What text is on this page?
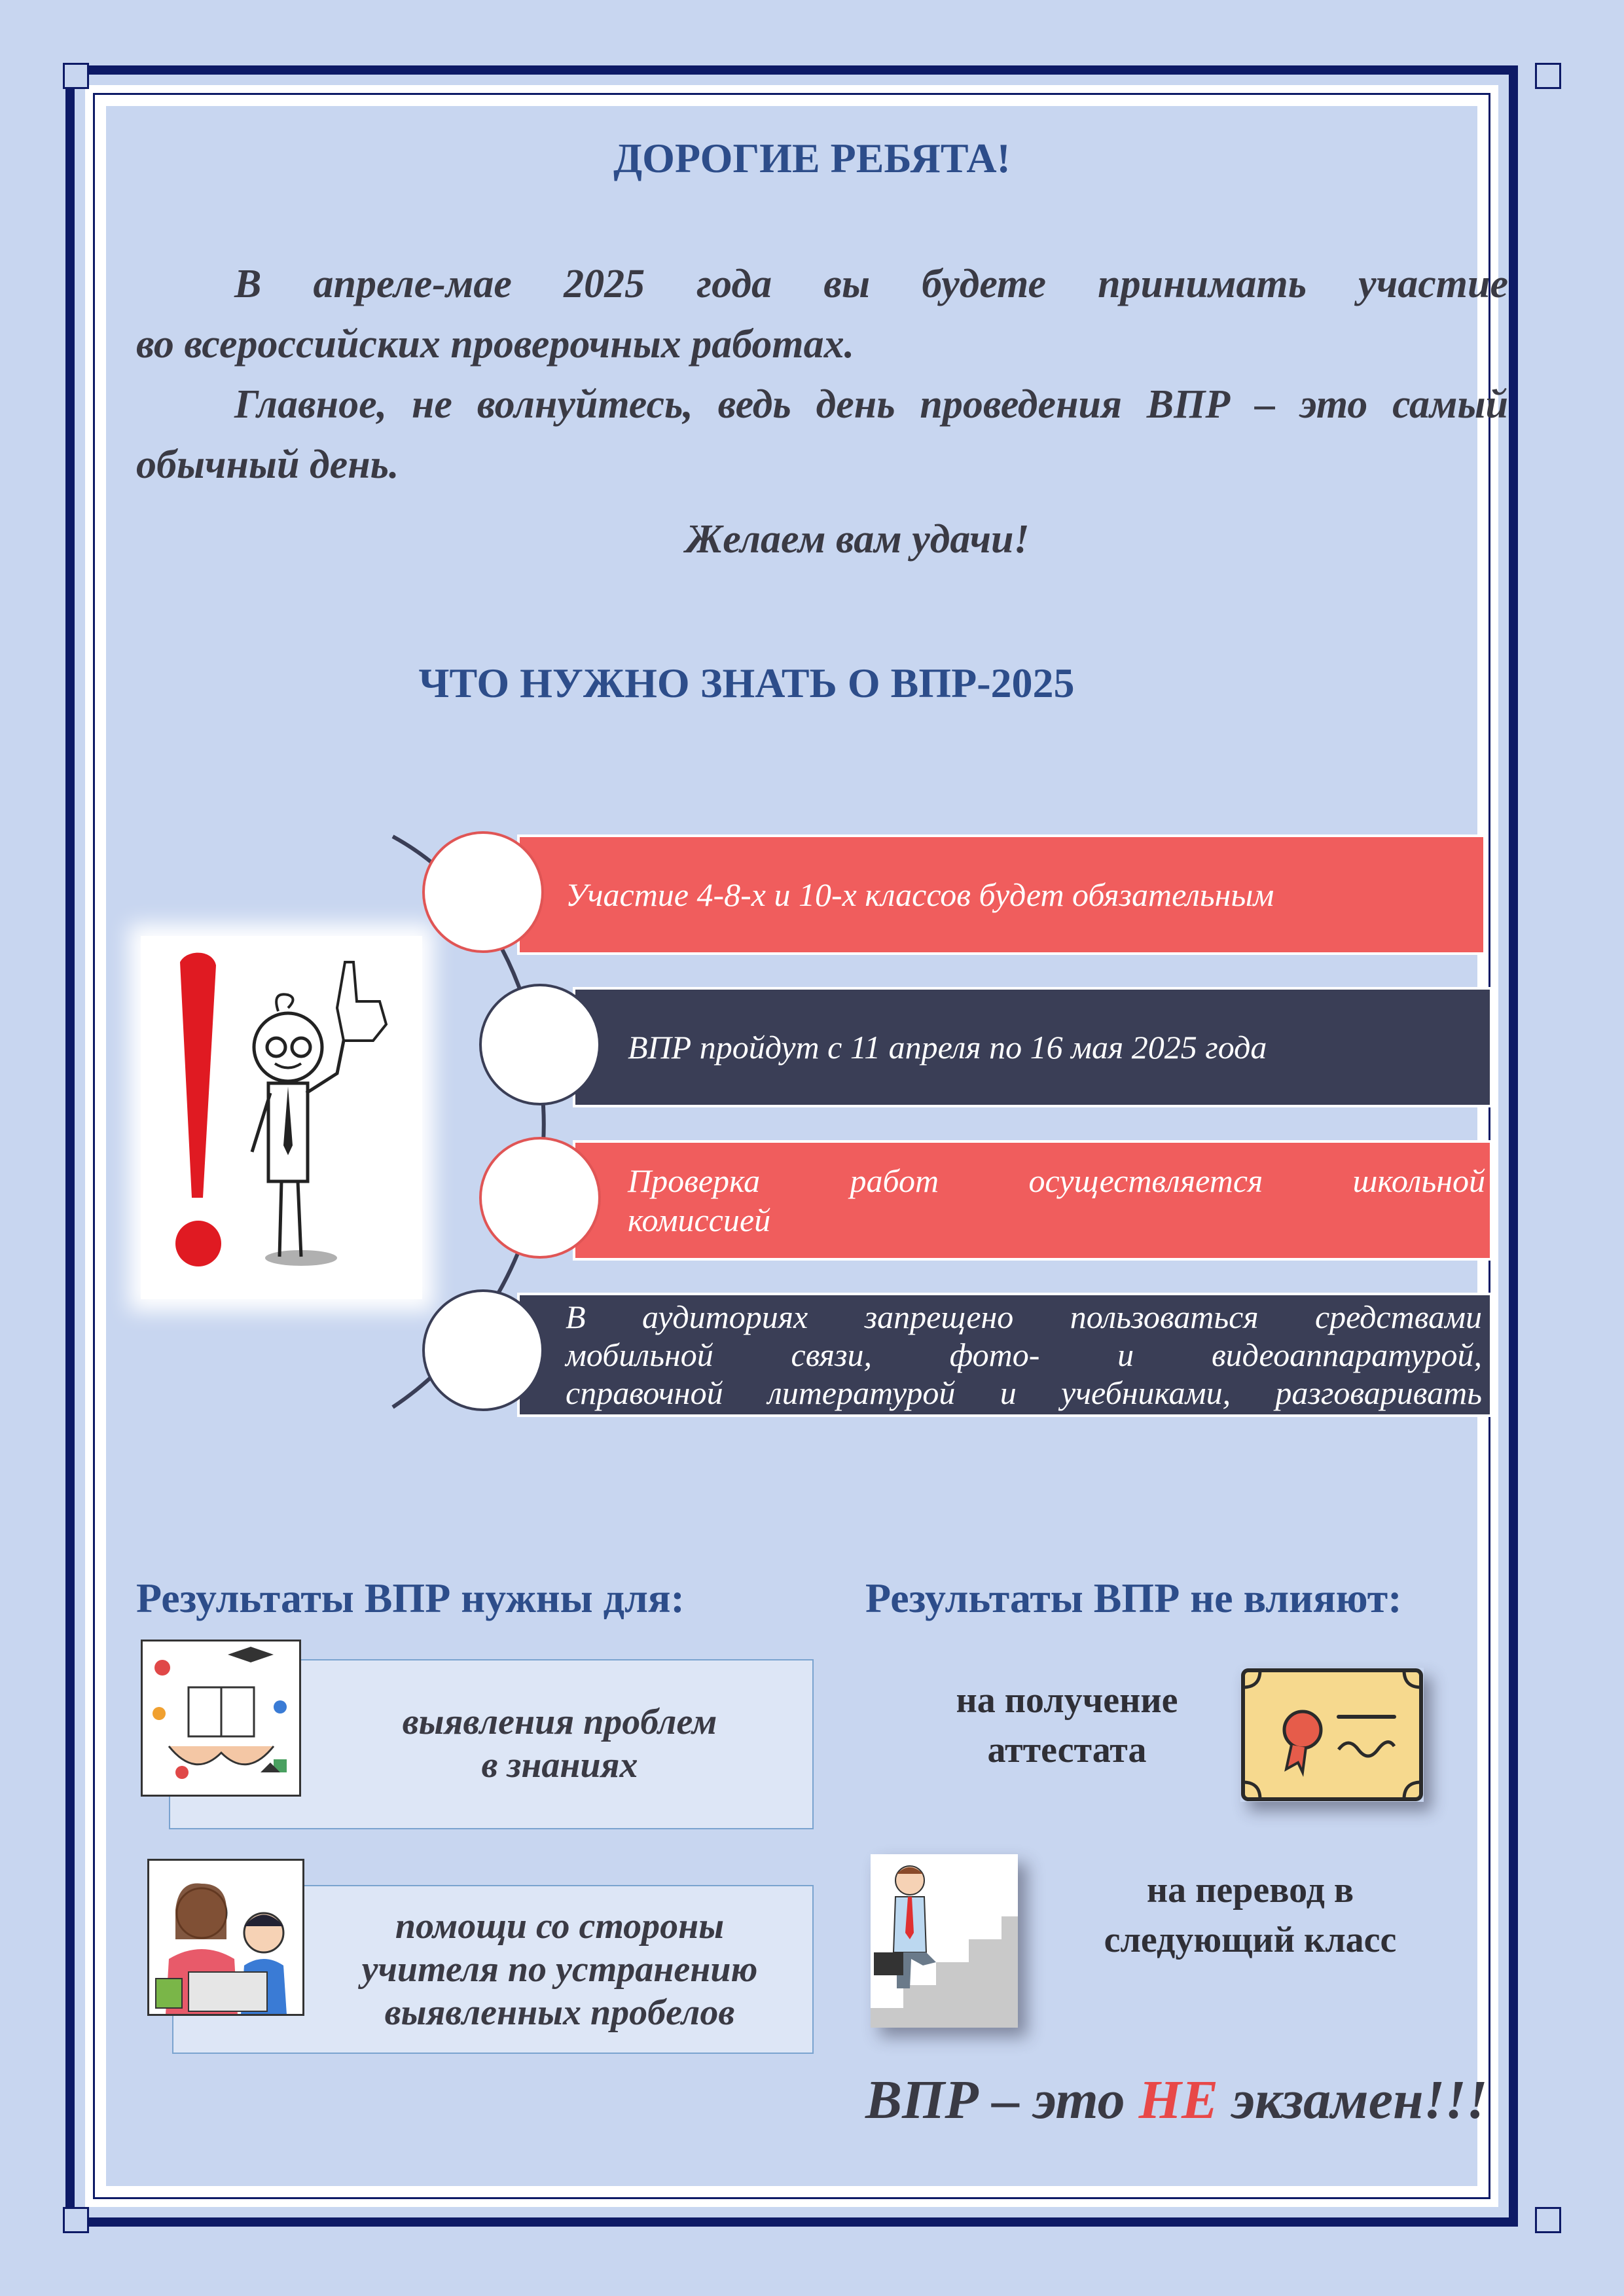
ДОРОГИЕ РЕБЯТА!
В апреле-мае 2025 года вы будете принимать участие
во всероссийских проверочных работах.
Главное, не волнуйтесь, ведь день проведения ВПР – это самый
обычный день.
Желаем вам удачи!
ЧТО НУЖНО ЗНАТЬ О ВПР-2025
Участие 4-8-х и 10-х классов будет обязательным
ВПР пройдут с 11 апреля по 16 мая 2025 года
Проверка работ осуществляется школьной
комиссией
В аудиториях запрещено пользоваться средствами
мобильной связи, фото- и видеоаппаратурой,
справочной литературой и учебниками, разговаривать
Результаты ВПР нужны для:
выявления проблем
в знаниях
помощи со стороны
учителя по устранению
выявленных пробелов
Результаты ВПР не влияют:
на получение
аттестата
на перевод в
следующий класс
ВПР – это НЕ экзамен!!!
